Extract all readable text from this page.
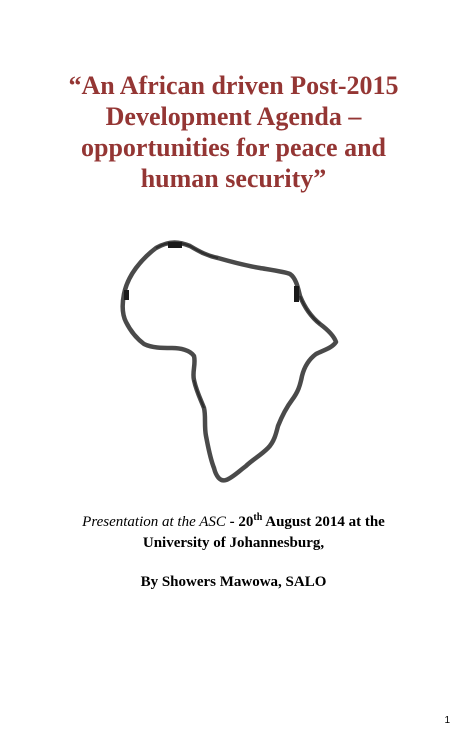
“An African driven Post-2015
Development Agenda –
opportunities for peace and
human security”
Presentation at the ASC - 20th August 2014 at the
University of Johannesburg,
By Showers Mawowa, SALO
1
